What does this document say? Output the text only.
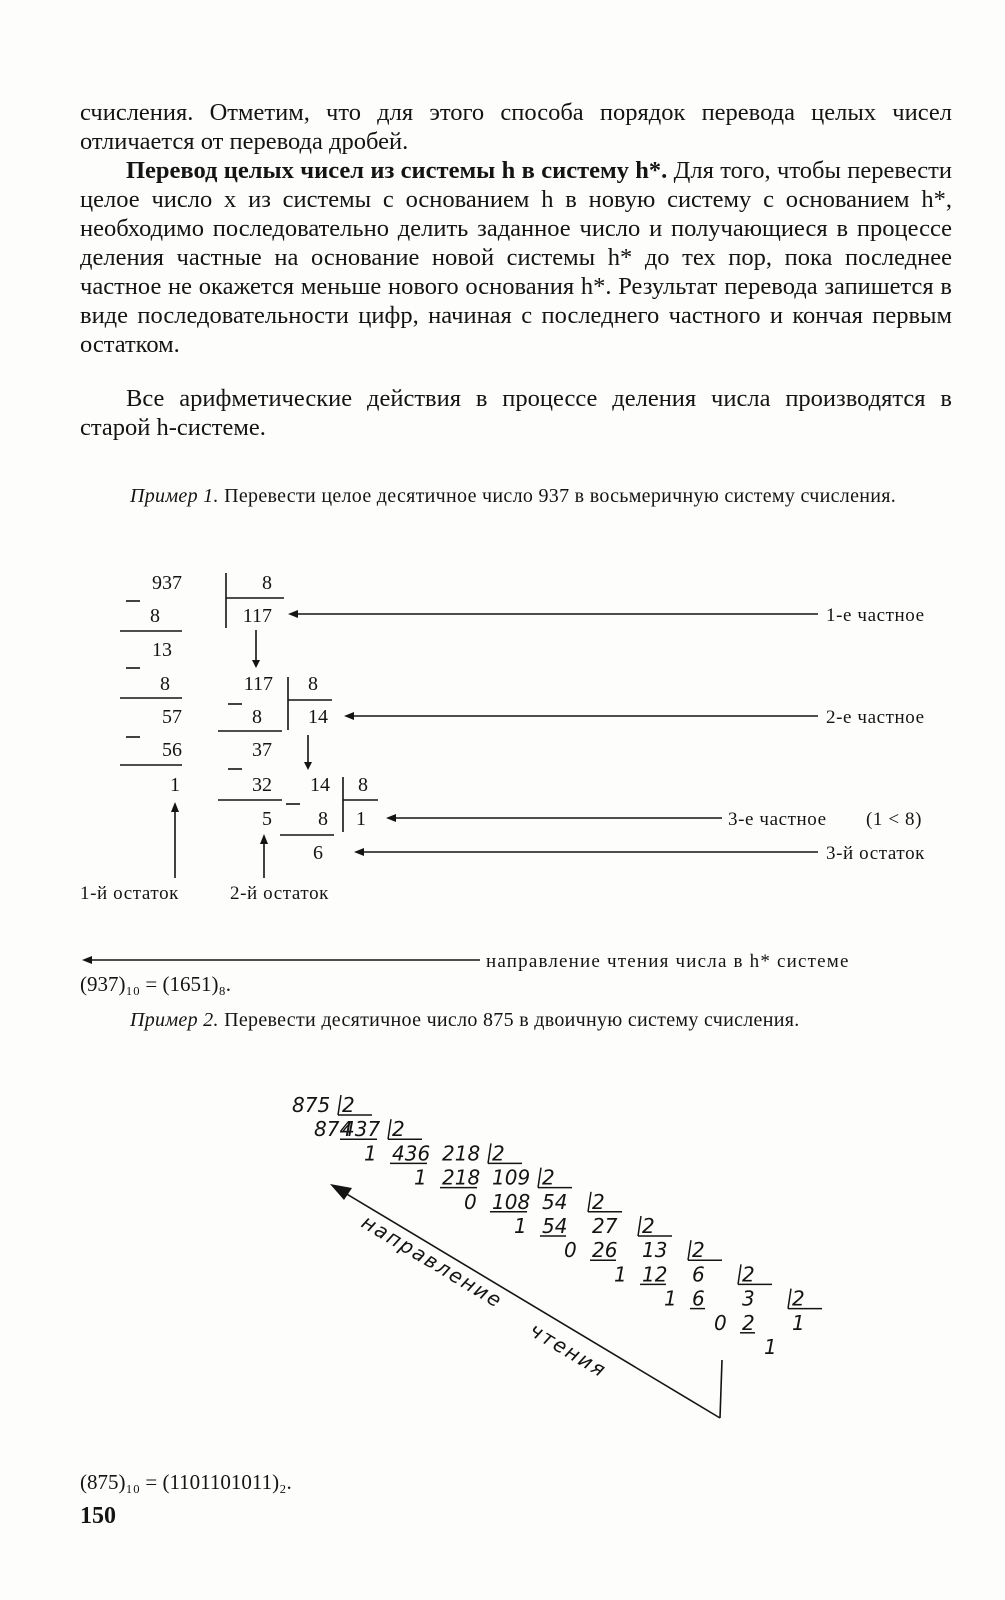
счисления. Отметим, что для этого способа порядок перевода целых чисел отличается от перевода дробей.
Перевод целых чисел из системы h в систему h*. Для того, чтобы перевести целое число x из системы с основанием h в новую систему с основанием h*, необходимо последовательно делить заданное число и получающиеся в процессе деления частные на основание новой системы h* до тех пор, пока последнее частное не окажется меньше нового основания h*. Результат перевода запишется в виде последовательности цифр, начиная с последнего частного и кончая первым остатком.
Все арифметические действия в процессе деления числа производятся в старой h-системе.
Пример 1. Перевести целое десятичное число 937 в восьмеричную систему счисления.
937
8
13
8
57
56
1
8
117
117
8
37
32
5
8
14
14
8
6
8
1
1-е частное
2-е частное
3-е частное (1 < 8)
3-й остаток
1-й остаток	2-й остаток
направление чтения числа в h* системе
(937)₁₀ = (1651)₈.
Пример 2. Перевести десятичное число 875 в двоичную систему счисления.
875 2
874
437 2
1 436 218 2
1 218 109 2
0 108 54 2
1 54 27 2
0 26 13 2
1 12 6 2
1 6 3 2
0 2 1
1
направление
чтения
(875)₁₀ = (1101101011)₂.
150
